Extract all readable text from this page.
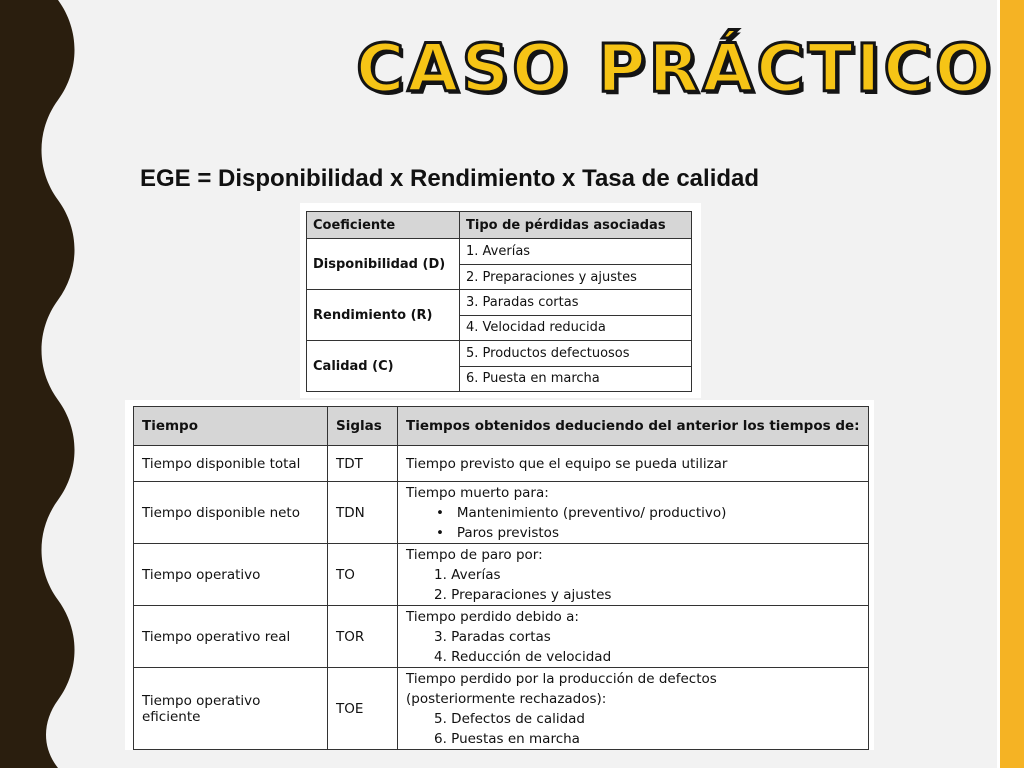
CASO PRÁCTICO
EGE = Disponibilidad x Rendimiento x Tasa de calidad
Coeficiente	Tipo de pérdidas asociadas
Disponibilidad (D)	1. Averías
	2. Preparaciones y ajustes
Rendimiento (R)	3. Paradas cortas
	4. Velocidad reducida
Calidad (C)	5. Productos defectuosos
	6. Puesta en marcha
Tiempo	Siglas	Tiempos obtenidos deduciendo del anterior los tiempos de:
Tiempo disponible total	TDT	Tiempo previsto que el equipo se pueda utilizar

Tiempo disponible neto	TDN	Tiempo muerto para:
• Mantenimiento (preventivo/ productivo)
• Paros previstos

Tiempo operativo	TO	Tiempo de paro por:
1. Averías
2. Preparaciones y ajustes

Tiempo operativo real	TOR	Tiempo perdido debido a:
3. Paradas cortas
4. Reducción de velocidad

Tiempo operativo eficiente	TOE	Tiempo perdido por la producción de defectos
(posteriormente rechazados):
5. Defectos de calidad
6. Puestas en marcha
